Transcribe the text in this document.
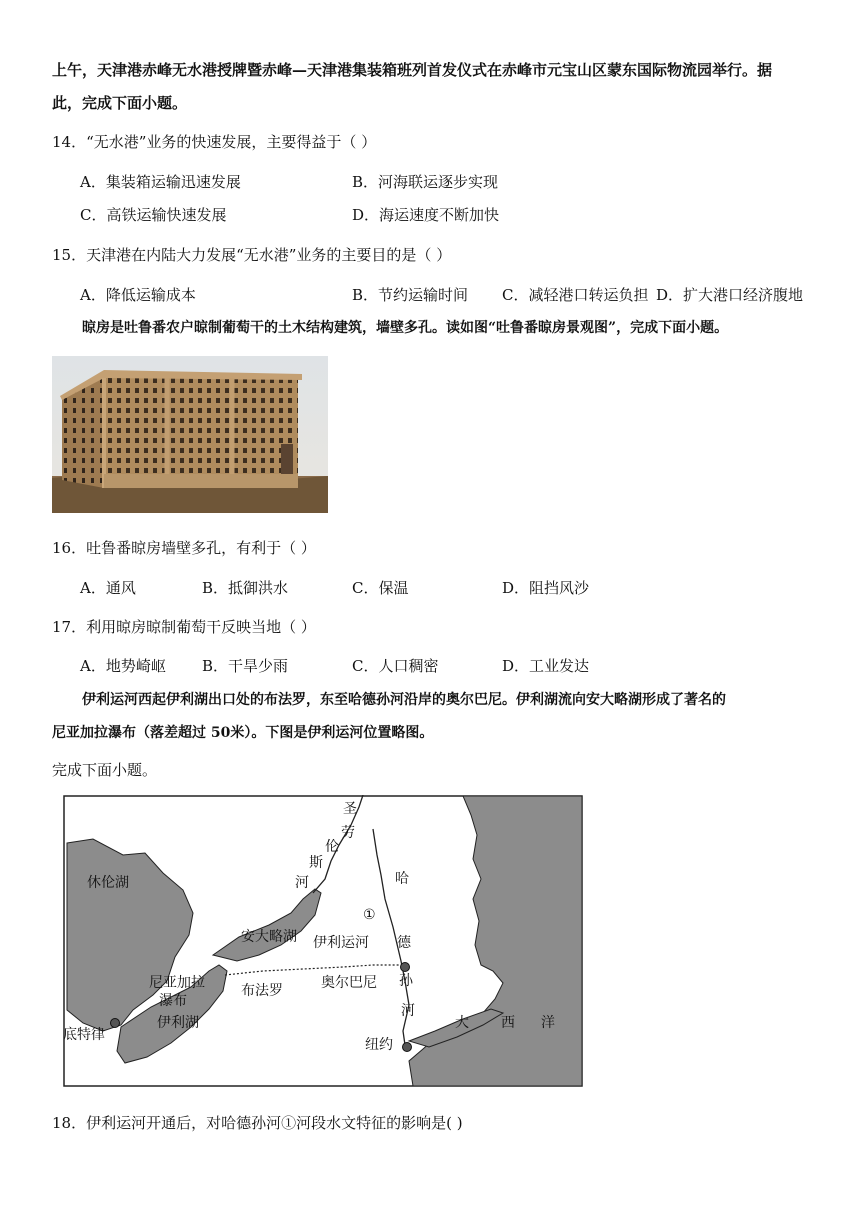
上午，天津港赤峰无水港授牌暨赤峰—天津港集装箱班列首发仪式在赤峰市元宝山区蒙东国际物流园举行。据
此，完成下面小题。
14．“无水港”业务的快速发展，主要得益于（ ）
A．集装箱运输迅速发展	B．河海联运逐步实现
C．高铁运输快速发展	D．海运速度不断加快
15．天津港在内陆大力发展“无水港”业务的主要目的是（ ）
A．降低运输成本	B．节约运输时间 C．减轻港口转运负担 D．扩大港口经济腹地
晾房是吐鲁番农户晾制葡萄干的土木结构建筑，墙壁多孔。读如图“吐鲁番晾房景观图”，完成下面小题。
16．吐鲁番晾房墙壁多孔，有利于（ ）
A．通风	B．抵御洪水	C．保温	D．阻挡风沙
17．利用晾房晾制葡萄干反映当地（ ）
A．地势崎岖 B．干旱少雨	C．人口稠密	D．工业发达
伊利运河西起伊利湖出口处的布法罗，东至哈德孙河沿岸的奥尔巴尼。伊利湖流向安大略湖形成了著名的
尼亚加拉瀑布（落差超过 50米）。下图是伊利运河位置略图。
完成下面小题。
圣
劳
伦
斯
河
休伦湖
安大略湖 伊利运河
①
哈
德
孙
河
尼亚加拉
瀑布
布法罗	奥尔巴尼
底特律
伊利湖
纽约
大 西 洋
18．伊利运河开通后，对哈德孙河①河段水文特征的影响是( )
